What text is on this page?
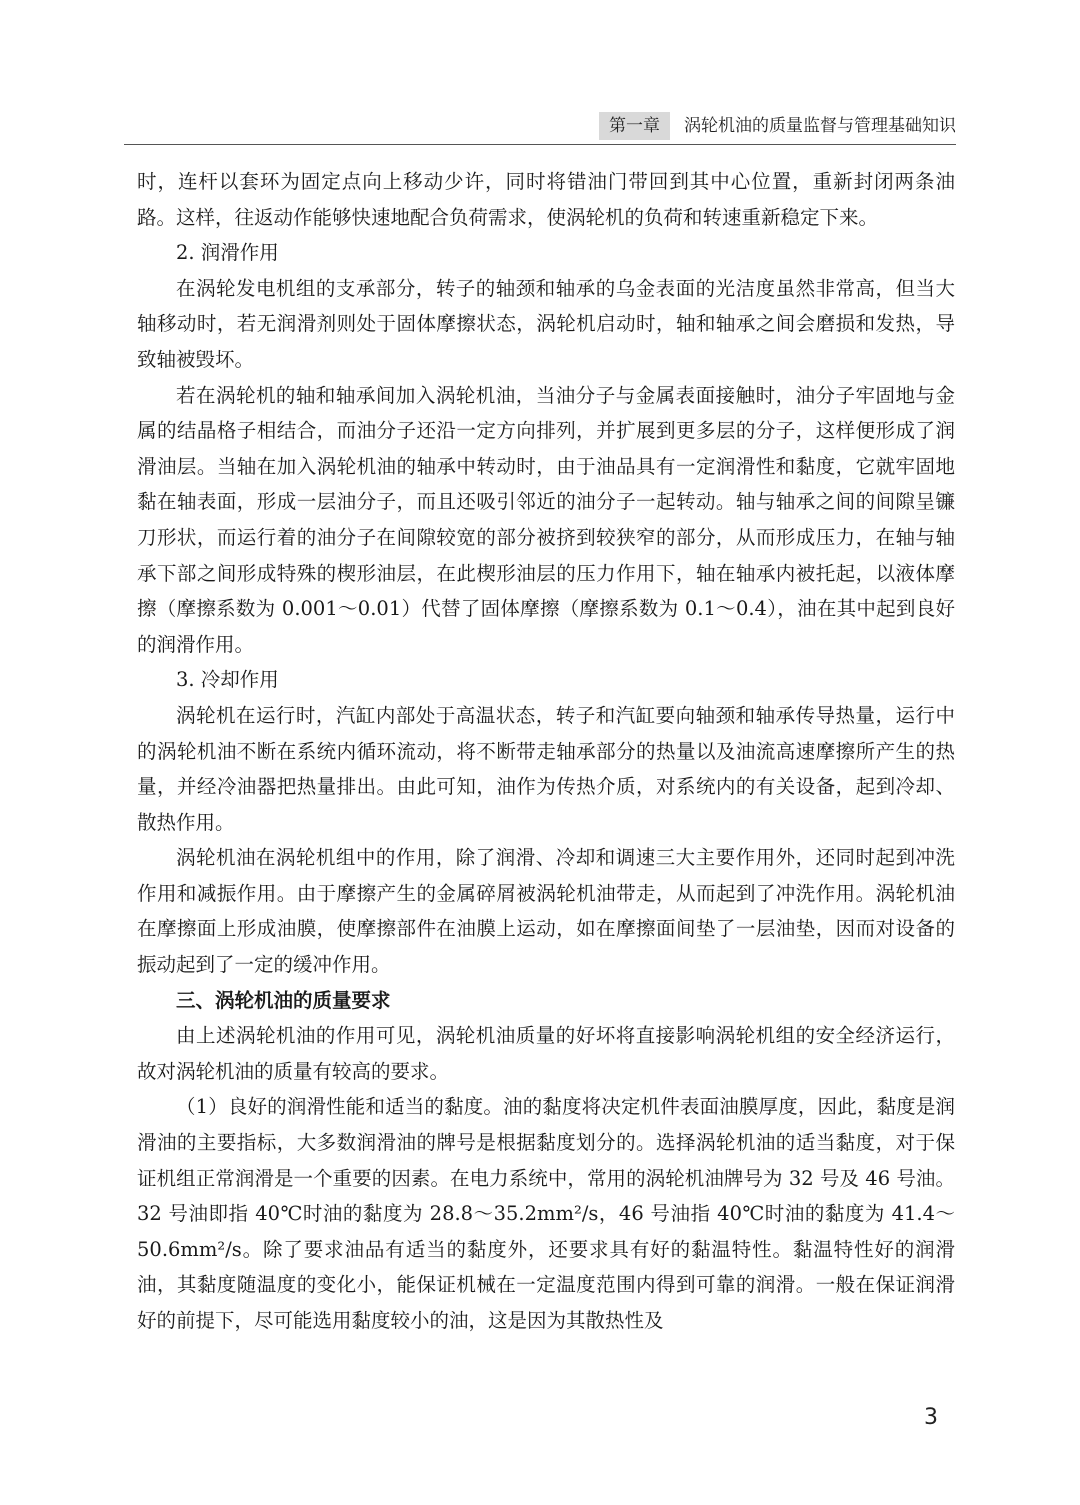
第一章	涡轮机油的质量监督与管理基础知识

时，连杆以套环为固定点向上移动少许，同时将错油门带回到其中心位置，重新封闭两条油路。这样，往返动作能够快速地配合负荷需求，使涡轮机的负荷和转速重新稳定下来。

2. 润滑作用

在涡轮发电机组的支承部分，转子的轴颈和轴承的乌金表面的光洁度虽然非常高，但当大轴移动时，若无润滑剂则处于固体摩擦状态，涡轮机启动时，轴和轴承之间会磨损和发热，导致轴被毁坏。

若在涡轮机的轴和轴承间加入涡轮机油，当油分子与金属表面接触时，油分子牢固地与金属的结晶格子相结合，而油分子还沿一定方向排列，并扩展到更多层的分子，这样便形成了润滑油层。当轴在加入涡轮机油的轴承中转动时，由于油品具有一定润滑性和黏度，它就牢固地黏在轴表面，形成一层油分子，而且还吸引邻近的油分子一起转动。轴与轴承之间的间隙呈镰刀形状，而运行着的油分子在间隙较宽的部分被挤到较狭窄的部分，从而形成压力，在轴与轴承下部之间形成特殊的楔形油层，在此楔形油层的压力作用下，轴在轴承内被托起，以液体摩擦（摩擦系数为 0.001～0.01）代替了固体摩擦（摩擦系数为 0.1～0.4），油在其中起到良好的润滑作用。

3. 冷却作用

涡轮机在运行时，汽缸内部处于高温状态，转子和汽缸要向轴颈和轴承传导热量，运行中的涡轮机油不断在系统内循环流动，将不断带走轴承部分的热量以及油流高速摩擦所产生的热量，并经冷油器把热量排出。由此可知，油作为传热介质，对系统内的有关设备，起到冷却、散热作用。

涡轮机油在涡轮机组中的作用，除了润滑、冷却和调速三大主要作用外，还同时起到冲洗作用和减振作用。由于摩擦产生的金属碎屑被涡轮机油带走，从而起到了冲洗作用。涡轮机油在摩擦面上形成油膜，使摩擦部件在油膜上运动，如在摩擦面间垫了一层油垫，因而对设备的振动起到了一定的缓冲作用。

三、涡轮机油的质量要求

由上述涡轮机油的作用可见，涡轮机油质量的好坏将直接影响涡轮机组的安全经济运行，故对涡轮机油的质量有较高的要求。

（1）良好的润滑性能和适当的黏度。油的黏度将决定机件表面油膜厚度，因此，黏度是润滑油的主要指标，大多数润滑油的牌号是根据黏度划分的。选择涡轮机油的适当黏度，对于保证机组正常润滑是一个重要的因素。在电力系统中，常用的涡轮机油牌号为 32 号及 46 号油。32 号油即指 40℃时油的黏度为 28.8～35.2mm²/s，46 号油指 40℃时油的黏度为 41.4～50.6mm²/s。除了要求油品有适当的黏度外，还要求具有好的黏温特性。黏温特性好的润滑油，其黏度随温度的变化小，能保证机械在一定温度范围内得到可靠的润滑。一般在保证润滑好的前提下，尽可能选用黏度较小的油，这是因为其散热性及

3
